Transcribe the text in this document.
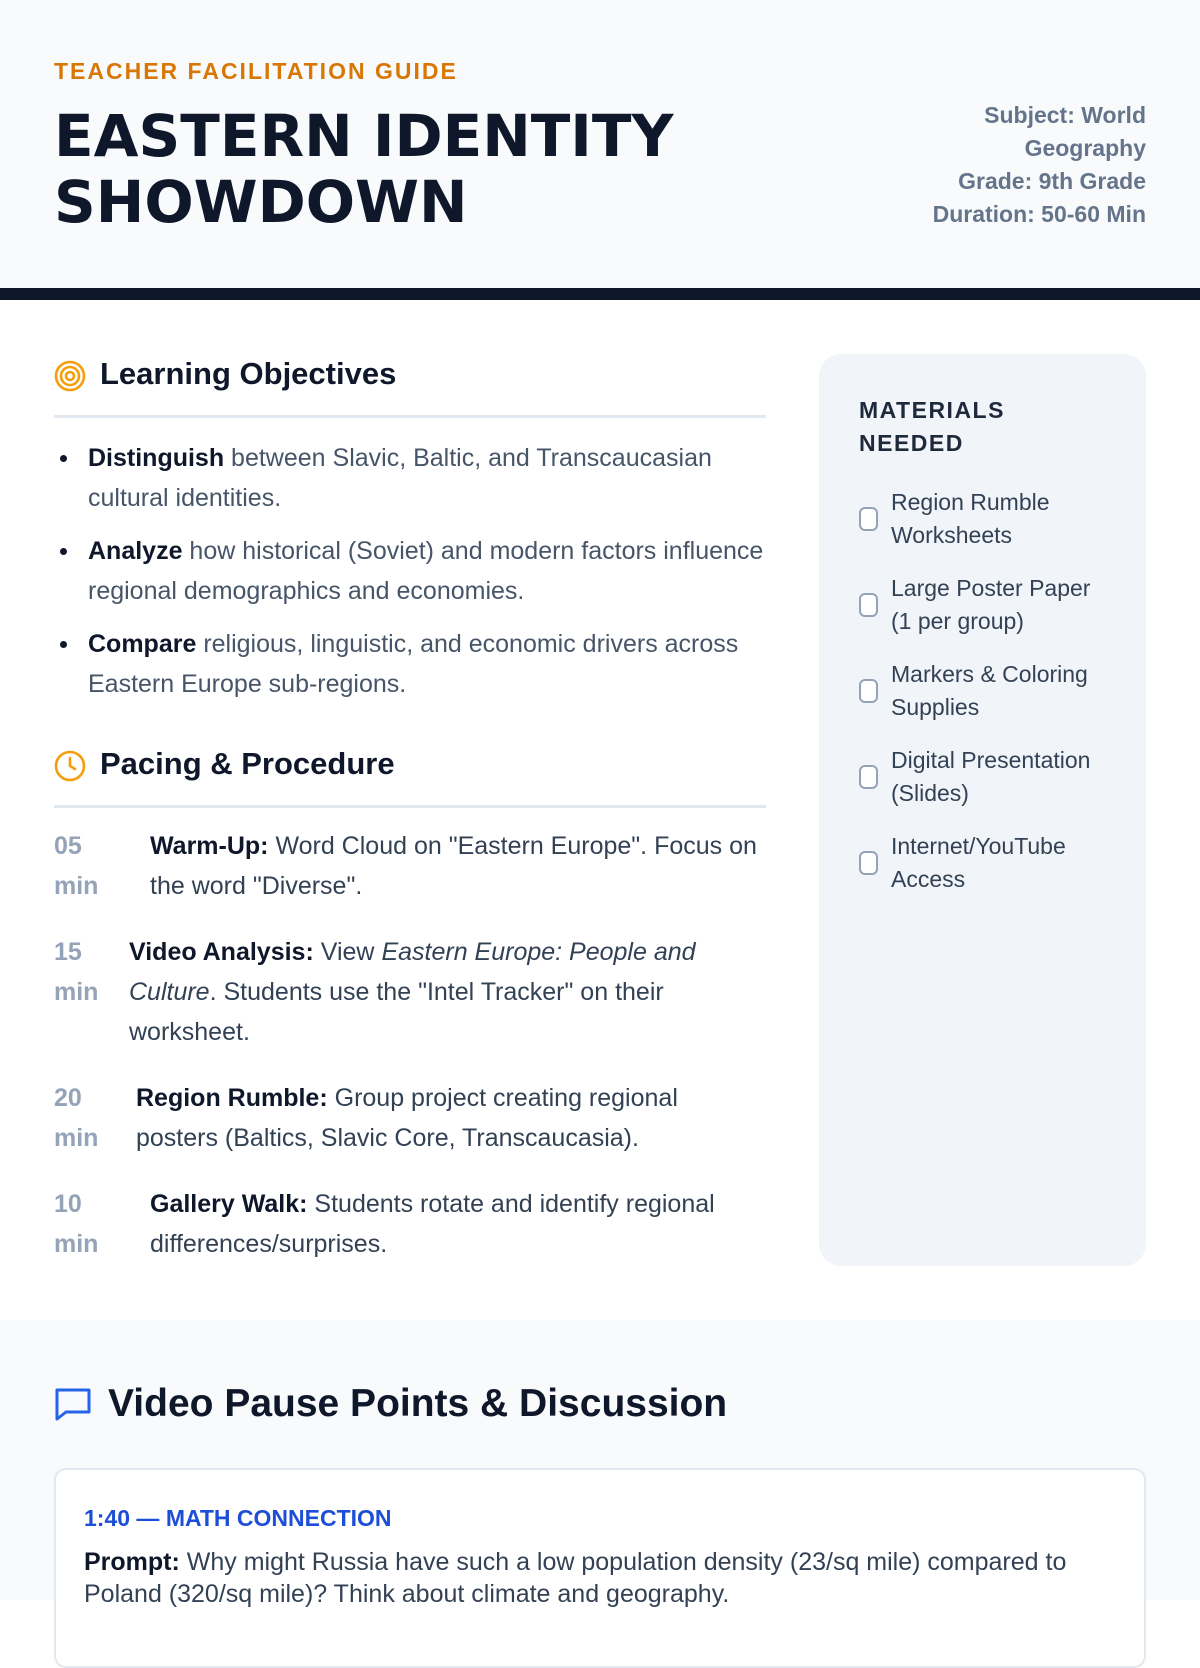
TEACHER FACILITATION GUIDE
EASTERN IDENTITY SHOWDOWN
Subject: World Geography
Grade: 9th Grade
Duration: 50-60 Min
Learning Objectives
Distinguish between Slavic, Baltic, and Transcaucasian cultural identities.
Analyze how historical (Soviet) and modern factors influence regional demographics and economies.
Compare religious, linguistic, and economic drivers across Eastern Europe sub-regions.
Pacing & Procedure
05 min
Warm-Up: Word Cloud on "Eastern Europe". Focus on the word "Diverse".
15 min
Video Analysis: View Eastern Europe: People and Culture. Students use the "Intel Tracker" on their worksheet.
20 min
Region Rumble: Group project creating regional posters (Baltics, Slavic Core, Transcaucasia).
10 min
Gallery Walk: Students rotate and identify regional differences/surprises.
MATERIALS NEEDED
Region Rumble Worksheets
Large Poster Paper (1 per group)
Markers & Coloring Supplies
Digital Presentation (Slides)
Internet/YouTube Access
Video Pause Points & Discussion
1:40 — MATH CONNECTION
Prompt: Why might Russia have such a low population density (23/sq mile) compared to Poland (320/sq mile)? Think about climate and geography.
